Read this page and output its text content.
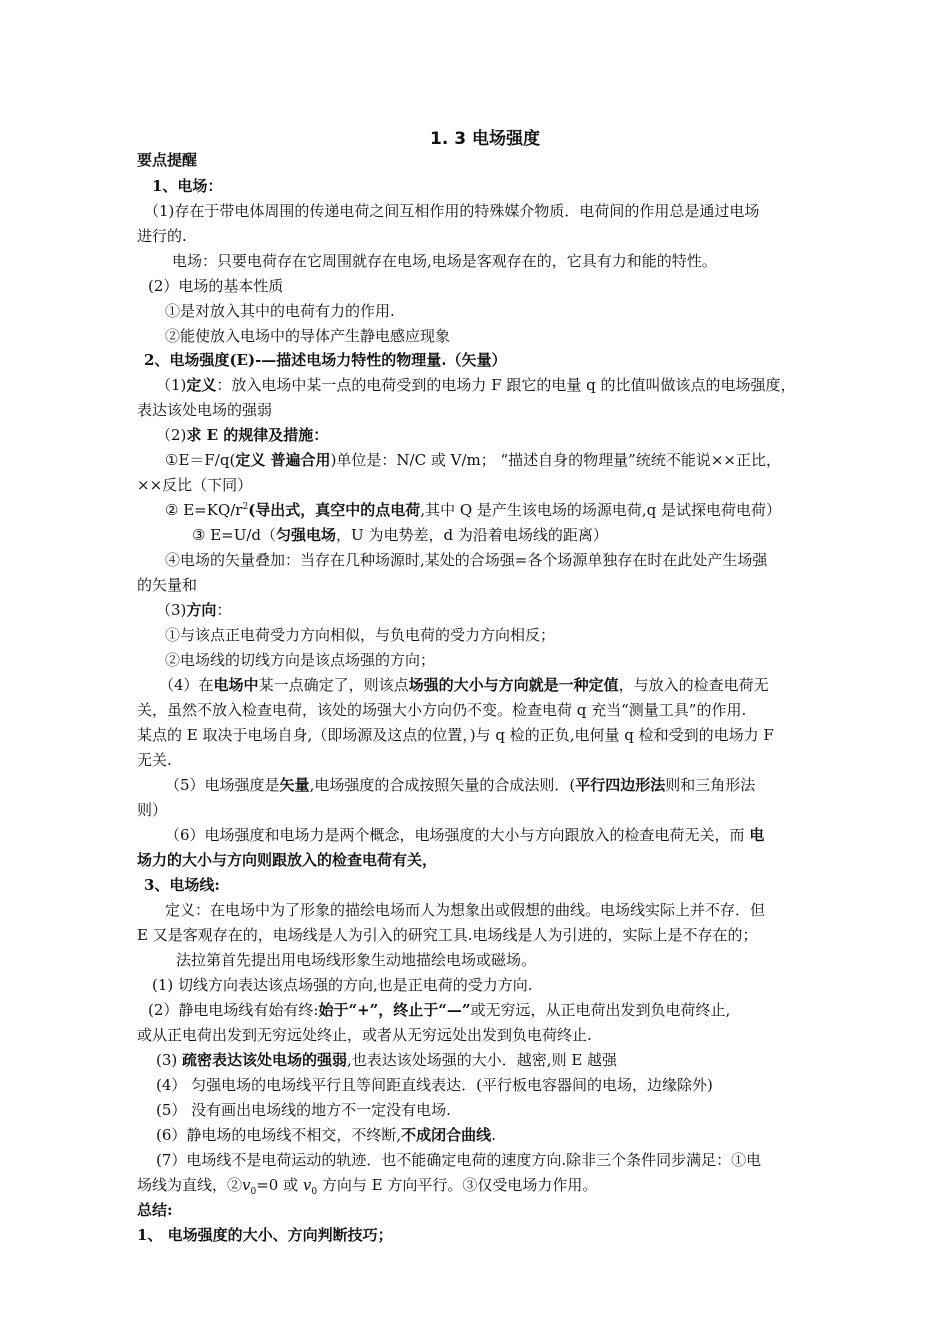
1. 3 电场强度
要点提醒
1、电场：
（1)存在于带电体周围的传递电荷之间互相作用的特殊媒介物质．电荷间的作用总是通过电场
进行的.
电场：只要电荷存在它周围就存在电场,电场是客观存在的，它具有力和能的特性。
(2）电场的基本性质
①是对放入其中的电荷有力的作用.
②能使放入电场中的导体产生静电感应现象
2、电场强度(E)-—描述电场力特性的物理量.（矢量）
（1)定义：放入电场中某一点的电荷受到的电场力 F 跟它的电量 q 的比值叫做该点的电场强度，
表达该处电场的强弱
（2)求 E 的规律及措施：
①E＝F/q(定义 普遍合用)单位是：N/C 或 V/m； “描述自身的物理量”统统不能说××正比，
××反比（下同）
② $E=KQ/r^2$(导出式，真空中的点电荷,其中 Q 是产生该电场的场源电荷,q 是试探电荷电荷）
③ E=U/d（匀强电场，U 为电势差，d 为沿着电场线的距离）
④电场的矢量叠加：当存在几种场源时,某处的合场强=各个场源单独存在时在此处产生场强
的矢量和
（3)方向：
①与该点正电荷受力方向相似，与负电荷的受力方向相反；
②电场线的切线方向是该点场强的方向；
（4）在电场中某一点确定了，则该点场强的大小与方向就是一种定值，与放入的检查电荷无
关，虽然不放入检查电荷，该处的场强大小方向仍不变。检查电荷 q 充当“测量工具”的作用.
某点的 E 取决于电场自身,（即场源及这点的位置，)与 q 检的正负,电何量 q 检和受到的电场力 F
无关.
（5）电场强度是矢量,电场强度的合成按照矢量的合成法则．(平行四边形法则和三角形法
则）
（6）电场强度和电场力是两个概念，电场强度的大小与方向跟放入的检查电荷无关，而 电
场力的大小与方向则跟放入的检查电荷有关，
3、电场线:
定义：在电场中为了形象的描绘电场而人为想象出或假想的曲线。电场线实际上并不存．但
E 又是客观存在的，电场线是人为引入的研究工具.电场线是人为引进的，实际上是不存在的；
法拉第首先提出用电场线形象生动地描绘电场或磁场。
(1) 切线方向表达该点场强的方向,也是正电荷的受力方向.
(2）静电电场线有始有终:始于“+”，终止于“—”或无穷远，从正电荷出发到负电荷终止,
或从正电荷出发到无穷远处终止，或者从无穷远处出发到负电荷终止.
(3) 疏密表达该处电场的强弱,也表达该处场强的大小．越密,则 E 越强
(4） 匀强电场的电场线平行且等间距直线表达．(平行板电容器间的电场，边缘除外)
(5） 没有画出电场线的地方不一定没有电场.
(6）静电场的电场线不相交，不终断,不成闭合曲线.
(7）电场线不是电荷运动的轨迹．也不能确定电荷的速度方向.除非三个条件同步满足：①电
场线为直线，$②v_0=0$ 或 $v_0$ 方向与 E 方向平行。③仅受电场力作用。
总结:
1、 电场强度的大小、方向判断技巧；
